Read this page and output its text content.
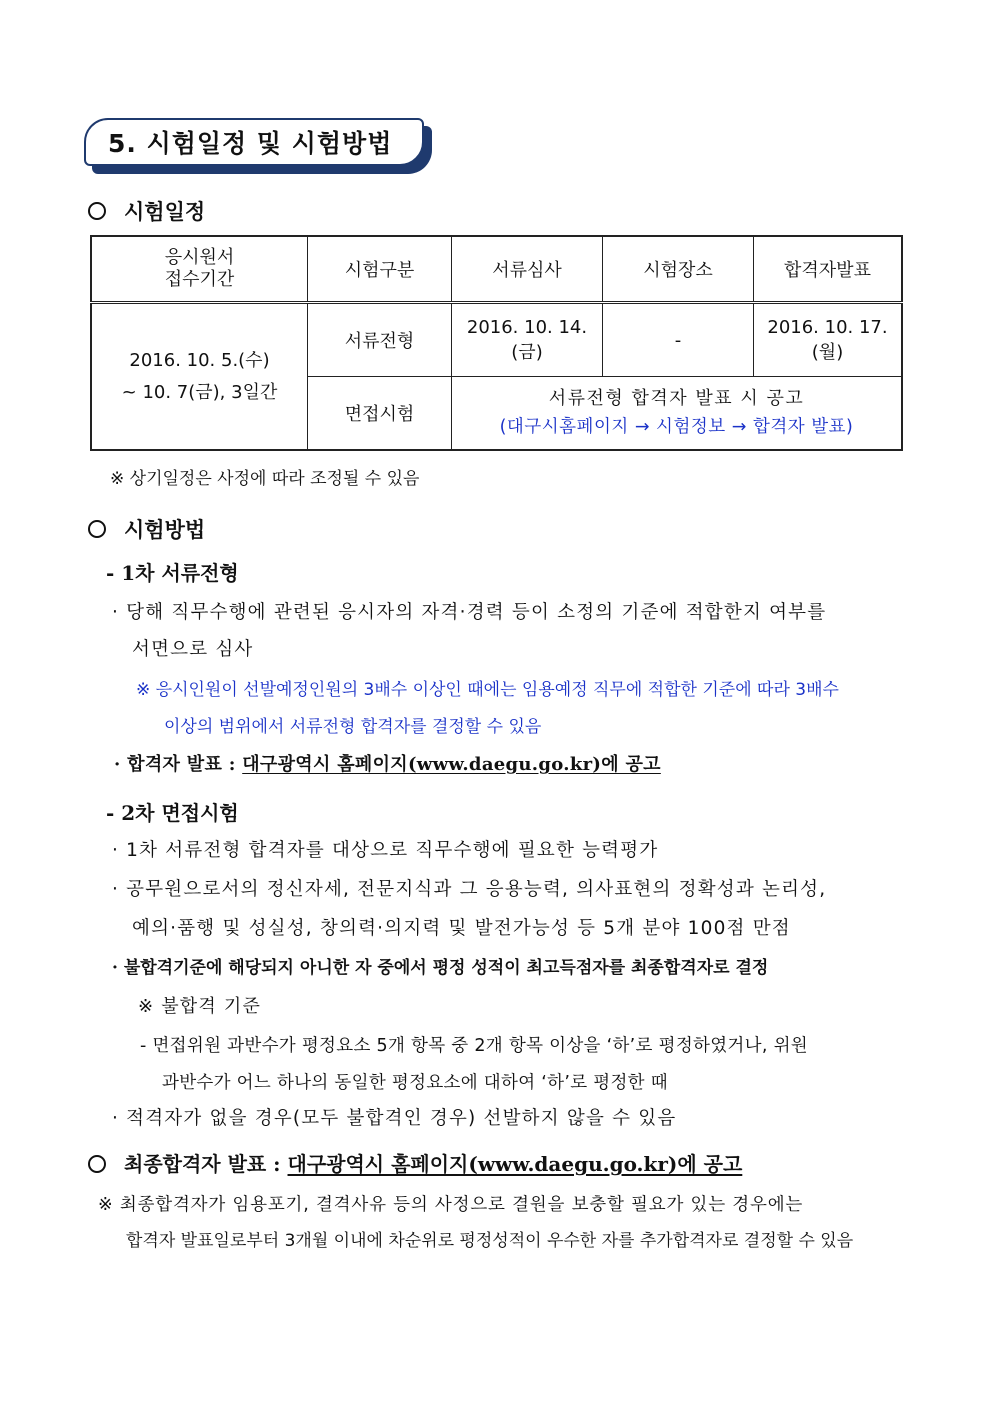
5. 시험일정 및 시험방법
시험일정
응시원서
접수기간	시험구분	서류심사	시험장소	합격자발표

2016. 10. 5.(수)
~ 10. 7(금), 3일간	서류전형	2016. 10. 14.(금)	-	2016. 10. 17.(월)
	면접시험	서류전형 합격자 발표 시 공고
(대구시홈페이지 → 시험정보 → 합격자 발표)		
※ 상기일정은 사정에 따라 조정될 수 있음
시험방법
- 1차 서류전형
· 당해 직무수행에 관련된 응시자의 자격·경력 등이 소정의 기준에 적합한지 여부를
서면으로 심사
※ 응시인원이 선발예정인원의 3배수 이상인 때에는 임용예정 직무에 적합한 기준에 따라 3배수
이상의 범위에서 서류전형 합격자를 결정할 수 있음
· 합격자 발표 : 대구광역시 홈페이지(www.daegu.go.kr)에 공고
- 2차 면접시험
· 1차 서류전형 합격자를 대상으로 직무수행에 필요한 능력평가
· 공무원으로서의 정신자세, 전문지식과 그 응용능력, 의사표현의 정확성과 논리성,
예의·품행 및 성실성, 창의력·의지력 및 발전가능성 등 5개 분야 100점 만점
· 불합격기준에 해당되지 아니한 자 중에서 평정 성적이 최고득점자를 최종합격자로 결정
※ 불합격 기준
- 면접위원 과반수가 평정요소 5개 항목 중 2개 항목 이상을 ‘하’로 평정하였거나, 위원
과반수가 어느 하나의 동일한 평정요소에 대하여 ‘하’로 평정한 때
· 적격자가 없을 경우(모두 불합격인 경우) 선발하지 않을 수 있음
최종합격자 발표 : 대구광역시 홈페이지(www.daegu.go.kr)에 공고
※ 최종합격자가 임용포기, 결격사유 등의 사정으로 결원을 보충할 필요가 있는 경우에는
합격자 발표일로부터 3개월 이내에 차순위로 평정성적이 우수한 자를 추가합격자로 결정할 수 있음
